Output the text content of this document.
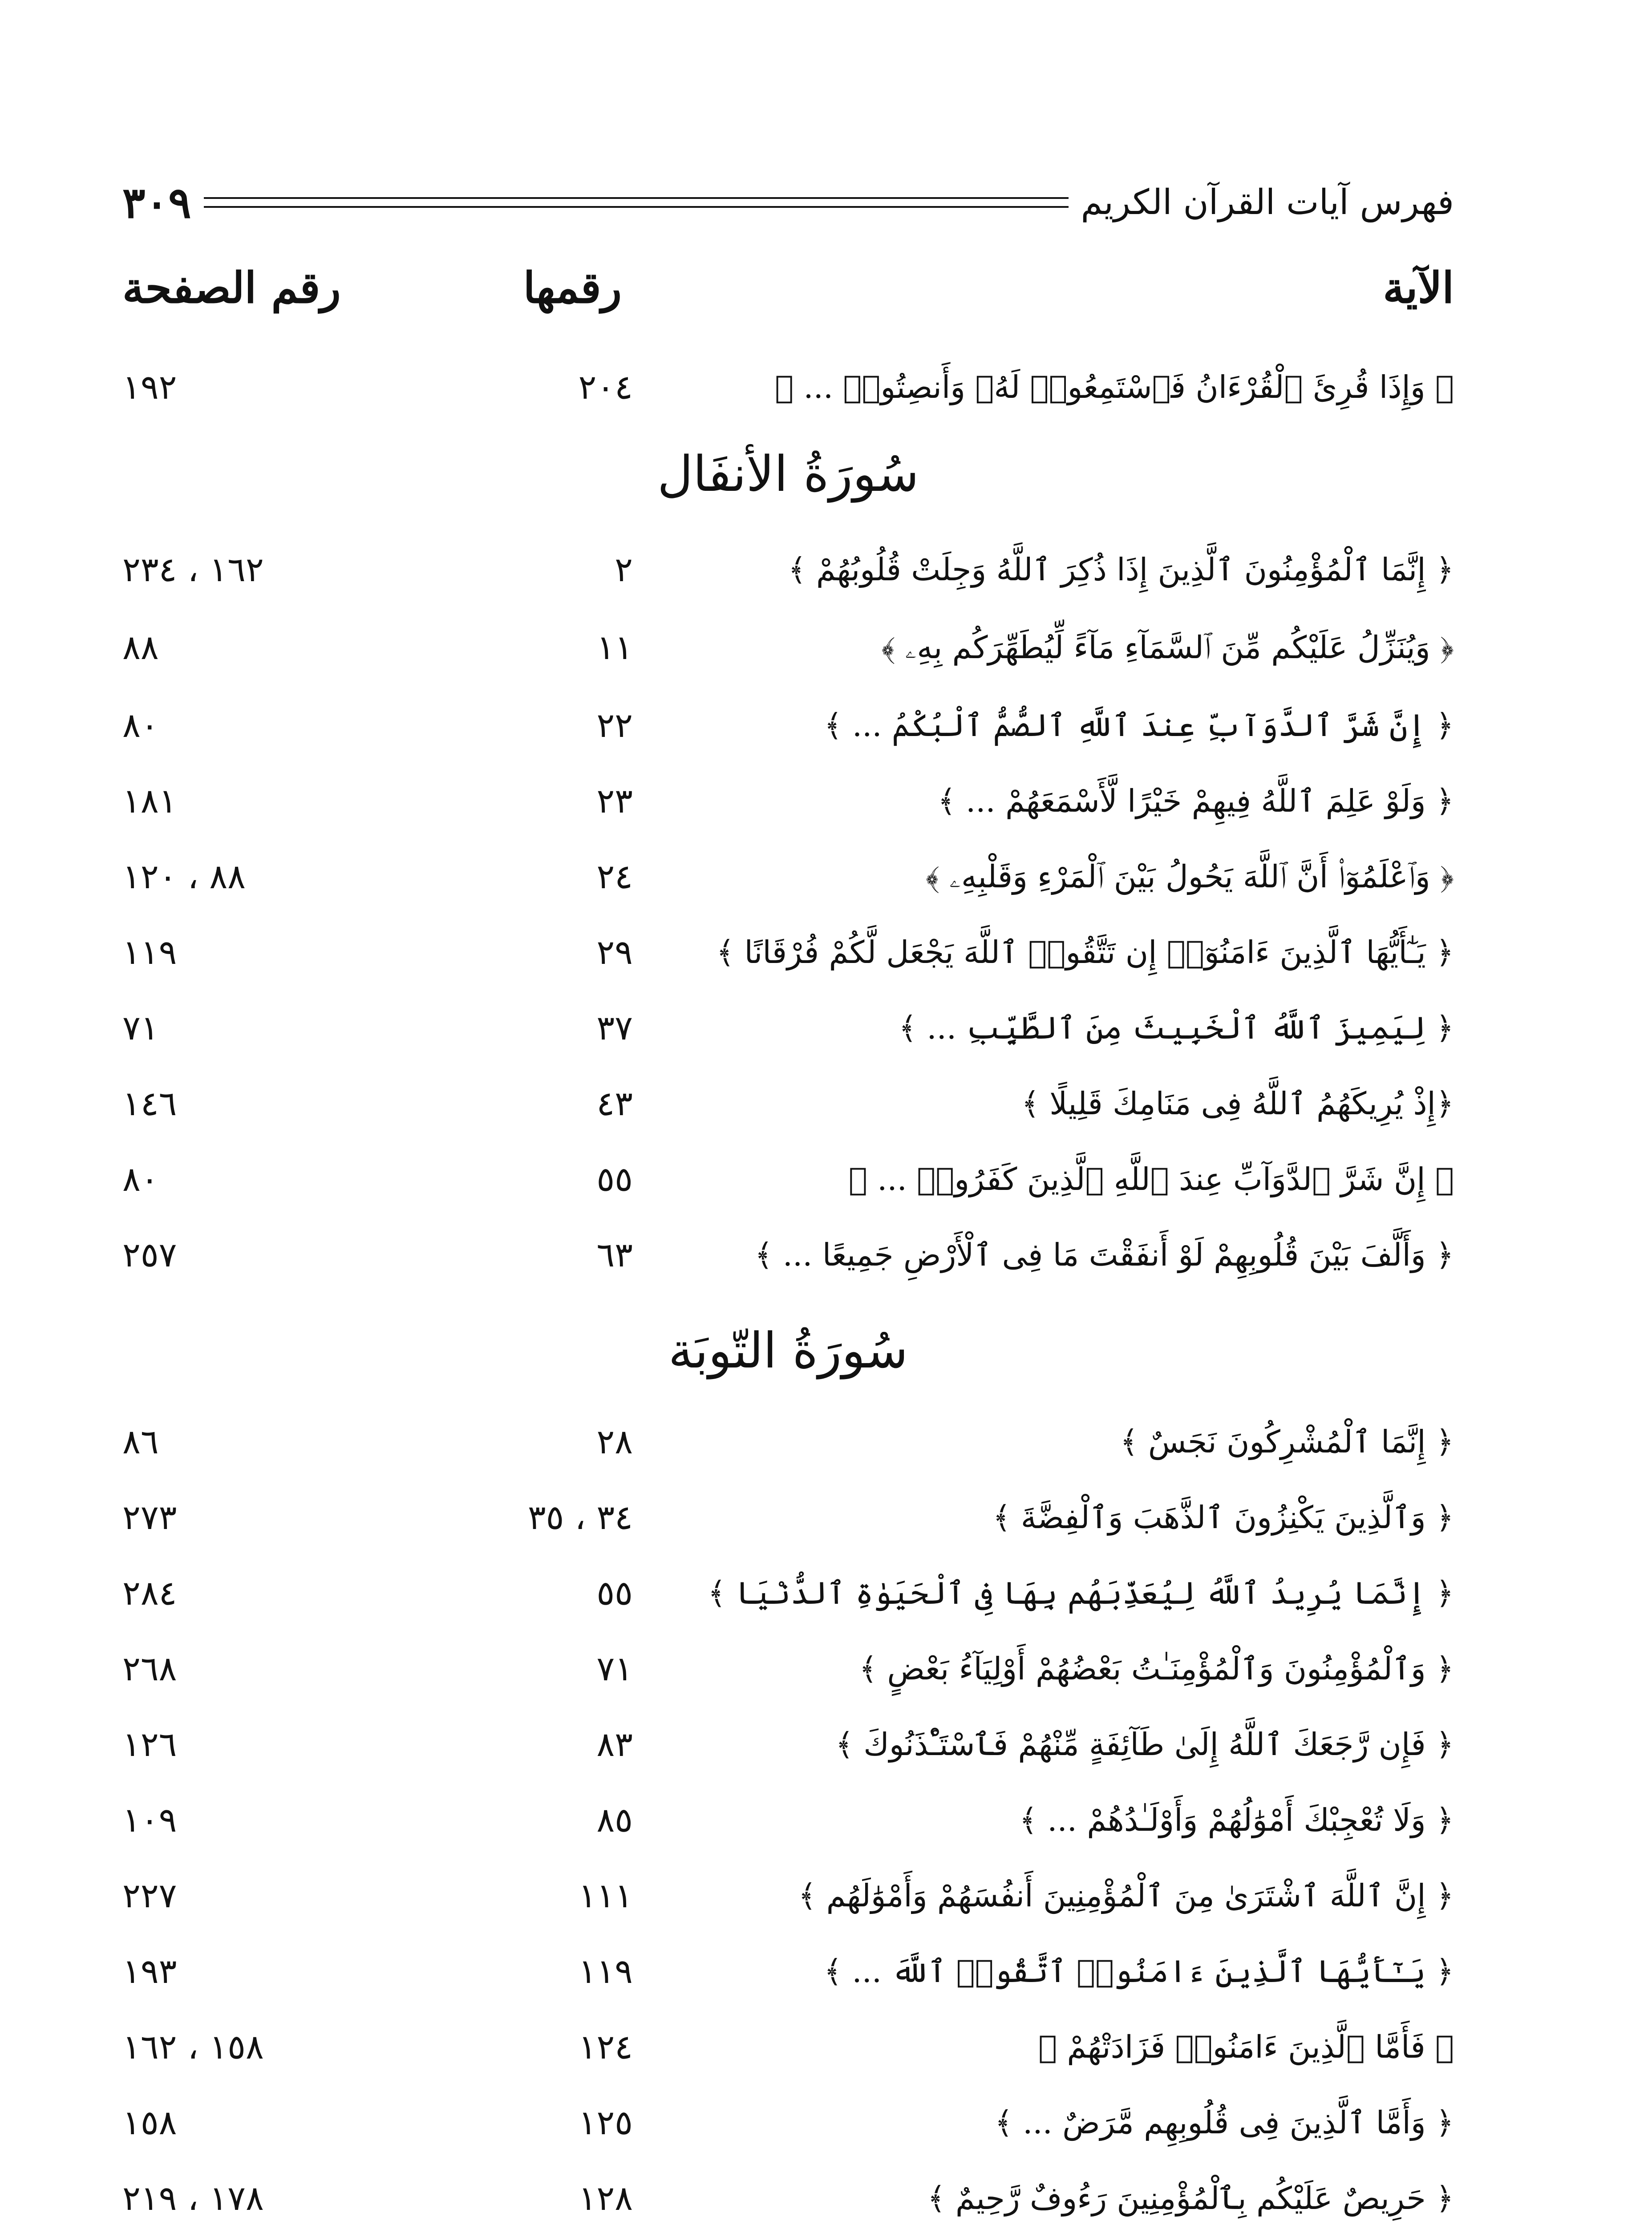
فهرس آيات القرآن الكريم
٣٠٩
الآية
رقمها
رقم الصفحة
﴿ وَإِذَا قُرِئَ ٱلْقُرْءَانُ فَٱسْتَمِعُوا۟ لَهُۥ وَأَنصِتُوا۟ ... ﴾
٢٠٤
١٩٢
سُورَةُ الأنفَال
﴿ إِنَّمَا ٱلْمُؤْمِنُونَ ٱلَّذِينَ إِذَا ذُكِرَ ٱللَّهُ وَجِلَتْ قُلُوبُهُمْ ﴾
٢
١٦٢ ، ٢٣٤
﴿ وَيُنَزِّلُ عَلَيْكُم مِّنَ ٱلسَّمَآءِ مَآءً لِّيُطَهِّرَكُم بِهِۦ ﴾
١١
٨٨
﴿ إِنَّ شَرَّ ٱلدَّوَآبِّ عِندَ ٱللَّهِ ٱلصُّمُّ ٱلْبُكْمُ ... ﴾
٢٢
٨٠
﴿ وَلَوْ عَلِمَ ٱللَّهُ فِيهِمْ خَيْرًا لَّأَسْمَعَهُمْ ... ﴾
٢٣
١٨١
﴿ وَٱعْلَمُوٓا۟ أَنَّ ٱللَّهَ يَحُولُ بَيْنَ ٱلْمَرْءِ وَقَلْبِهِۦ ﴾
٢٤
٨٨ ، ١٢٠
﴿ يَـٰٓأَيُّهَا ٱلَّذِينَ ءَامَنُوٓا۟ إِن تَتَّقُوا۟ ٱللَّهَ يَجْعَل لَّكُمْ فُرْقَانًا ﴾
٢٩
١١٩
﴿ لِيَمِيزَ ٱللَّهُ ٱلْخَبِيثَ مِنَ ٱلطَّيِّبِ ... ﴾
٣٧
٧١
﴿إِذْ يُرِيكَهُمُ ٱللَّهُ فِى مَنَامِكَ قَلِيلًا ﴾
٤٣
١٤٦
﴿ إِنَّ شَرَّ ٱلدَّوَآبِّ عِندَ ٱللَّهِ ٱلَّذِينَ كَفَرُوا۟ ... ﴾
٥٥
٨٠
﴿ وَأَلَّفَ بَيْنَ قُلُوبِهِمْ لَوْ أَنفَقْتَ مَا فِى ٱلْأَرْضِ جَمِيعًا ... ﴾
٦٣
٢٥٧
سُورَةُ التّوبَة
﴿ إِنَّمَا ٱلْمُشْرِكُونَ نَجَسٌ ﴾
٢٨
٨٦
﴿ وَٱلَّذِينَ يَكْنِزُونَ ٱلذَّهَبَ وَٱلْفِضَّةَ ﴾
٣٤ ، ٣٥
٢٧٣
﴿ إِنَّمَا يُرِيدُ ٱللَّهُ لِيُعَذِّبَهُم بِهَا فِى ٱلْحَيَوٰةِ ٱلدُّنْيَا ﴾
٥٥
٢٨٤
﴿ وَٱلْمُؤْمِنُونَ وَٱلْمُؤْمِنَـٰتُ بَعْضُهُمْ أَوْلِيَآءُ بَعْضٍ ﴾
٧١
٢٦٨
﴿ فَإِن رَّجَعَكَ ٱللَّهُ إِلَىٰ طَآئِفَةٍ مِّنْهُمْ فَٱسْتَـْٔذَنُوكَ ﴾
٨٣
١٢٦
﴿ وَلَا تُعْجِبْكَ أَمْوَٰلُهُمْ وَأَوْلَـٰدُهُمْ ... ﴾
٨٥
١٠٩
﴿ إِنَّ ٱللَّهَ ٱشْتَرَىٰ مِنَ ٱلْمُؤْمِنِينَ أَنفُسَهُمْ وَأَمْوَٰلَهُم ﴾
١١١
٢٢٧
﴿ يَـٰٓأَيُّهَا ٱلَّذِينَ ءَامَنُوا۟ ٱتَّقُوا۟ ٱللَّهَ ... ﴾
١١٩
١٩٣
﴿ فَأَمَّا ٱلَّذِينَ ءَامَنُوا۟ فَزَادَتْهُمْ ﴾
١٢٤
١٥٨ ، ١٦٢
﴿ وَأَمَّا ٱلَّذِينَ فِى قُلُوبِهِم مَّرَضٌ ... ﴾
١٢٥
١٥٨
﴿ حَرِيصٌ عَلَيْكُم بِٱلْمُؤْمِنِينَ رَءُوفٌ رَّحِيمٌ ﴾
١٢٨
١٧٨ ، ٢١٩
